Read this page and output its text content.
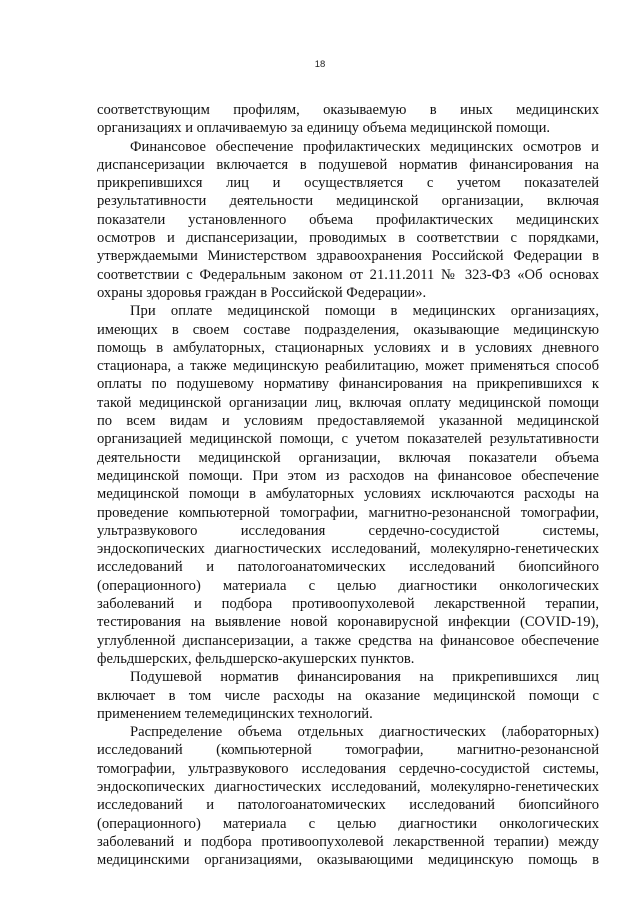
18
соответствующим профилям, оказываемую в иных медицинских
организациях и оплачиваемую за единицу объема медицинской помощи.
Финансовое обеспечение профилактических медицинских осмотров и
диспансеризации включается в подушевой норматив финансирования на
прикрепившихся лиц и осуществляется с учетом показателей
результативности деятельности медицинской организации, включая
показатели установленного объема профилактических медицинских
осмотров и диспансеризации, проводимых в соответствии с порядками,
утверждаемыми Министерством здравоохранения Российской Федерации в
соответствии с Федеральным законом от 21.11.2011 № 323-ФЗ «Об основах
охраны здоровья граждан в Российской Федерации».
При оплате медицинской помощи в медицинских организациях,
имеющих в своем составе подразделения, оказывающие медицинскую
помощь в амбулаторных, стационарных условиях и в условиях дневного
стационара, а также медицинскую реабилитацию, может применяться способ
оплаты по подушевому нормативу финансирования на прикрепившихся к
такой медицинской организации лиц, включая оплату медицинской помощи
по всем видам и условиям предоставляемой указанной медицинской
организацией медицинской помощи, с учетом показателей результативности
деятельности медицинской организации, включая показатели объема
медицинской помощи. При этом из расходов на финансовое обеспечение
медицинской помощи в амбулаторных условиях исключаются расходы на
проведение компьютерной томографии, магнитно-резонансной томографии,
ультразвукового исследования сердечно-сосудистой системы,
эндоскопических диагностических исследований, молекулярно-генетических
исследований и патологоанатомических исследований биопсийного
(операционного) материала с целью диагностики онкологических
заболеваний и подбора противоопухолевой лекарственной терапии,
тестирования на выявление новой коронавирусной инфекции (COVID-19),
углубленной диспансеризации, а также средства на финансовое обеспечение
фельдшерских, фельдшерско-акушерских пунктов.
Подушевой норматив финансирования на прикрепившихся лиц
включает в том числе расходы на оказание медицинской помощи с
применением телемедицинских технологий.
Распределение объема отдельных диагностических (лабораторных)
исследований (компьютерной томографии, магнитно-резонансной
томографии, ультразвукового исследования сердечно-сосудистой системы,
эндоскопических диагностических исследований, молекулярно-генетических
исследований и патологоанатомических исследований биопсийного
(операционного) материала с целью диагностики онкологических
заболеваний и подбора противоопухолевой лекарственной терапии) между
медицинскими организациями, оказывающими медицинскую помощь в
